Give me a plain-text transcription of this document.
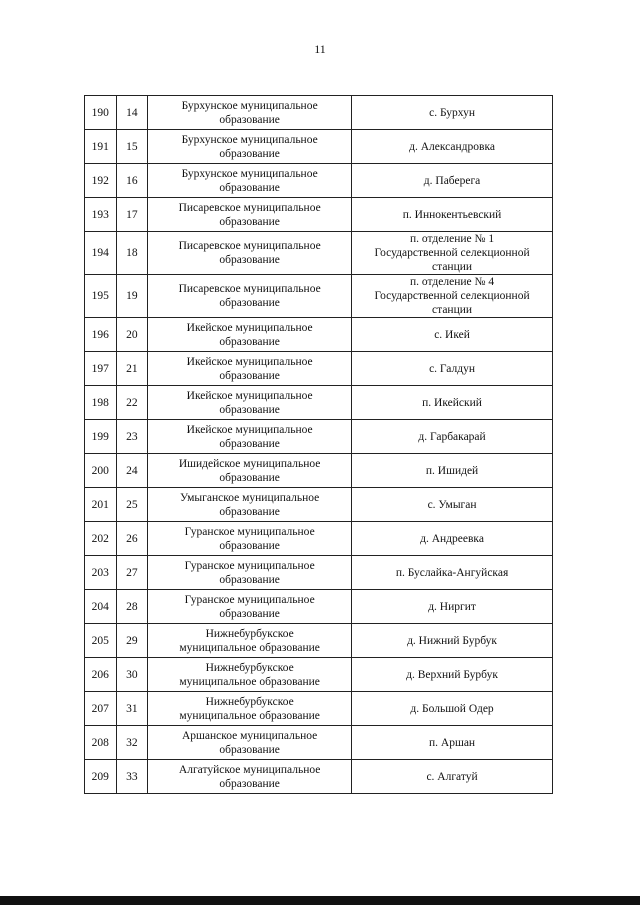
11
190	14	Бурхунское муниципальное
образование	с. Бурхун

191	15	Бурхунское муниципальное
образование	д. Александровка

192	16	Бурхунское муниципальное
образование	д. Паберега

193	17	Писаревское муниципальное
образование	п. Иннокентьевский

194	18	Писаревское муниципальное
образование	п. отделение № 1
Государственной селекционной
станции

195	19	Писаревское муниципальное
образование	п. отделение № 4
Государственной селекционной
станции

196	20	Икейское муниципальное
образование	с. Икей

197	21	Икейское муниципальное
образование	с. Галдун

198	22	Икейское муниципальное
образование	п. Икейский

199	23	Икейское муниципальное
образование	д. Гарбакарай

200	24	Ишидейское муниципальное
образование	п. Ишидей

201	25	Умыганское муниципальное
образование	с. Умыган

202	26	Гуранское муниципальное
образование	д. Андреевка

203	27	Гуранское муниципальное
образование	п. Буслайка-Ангуйская

204	28	Гуранское муниципальное
образование	д. Ниргит

205	29	Нижнебурбукское
муниципальное образование	д. Нижний Бурбук

206	30	Нижнебурбукское
муниципальное образование	д. Верхний Бурбук

207	31	Нижнебурбукское
муниципальное образование	д. Большой Одер

208	32	Аршанское муниципальное
образование	п. Аршан

209	33	Алгатуйское муниципальное
образование	с. Алгатуй
